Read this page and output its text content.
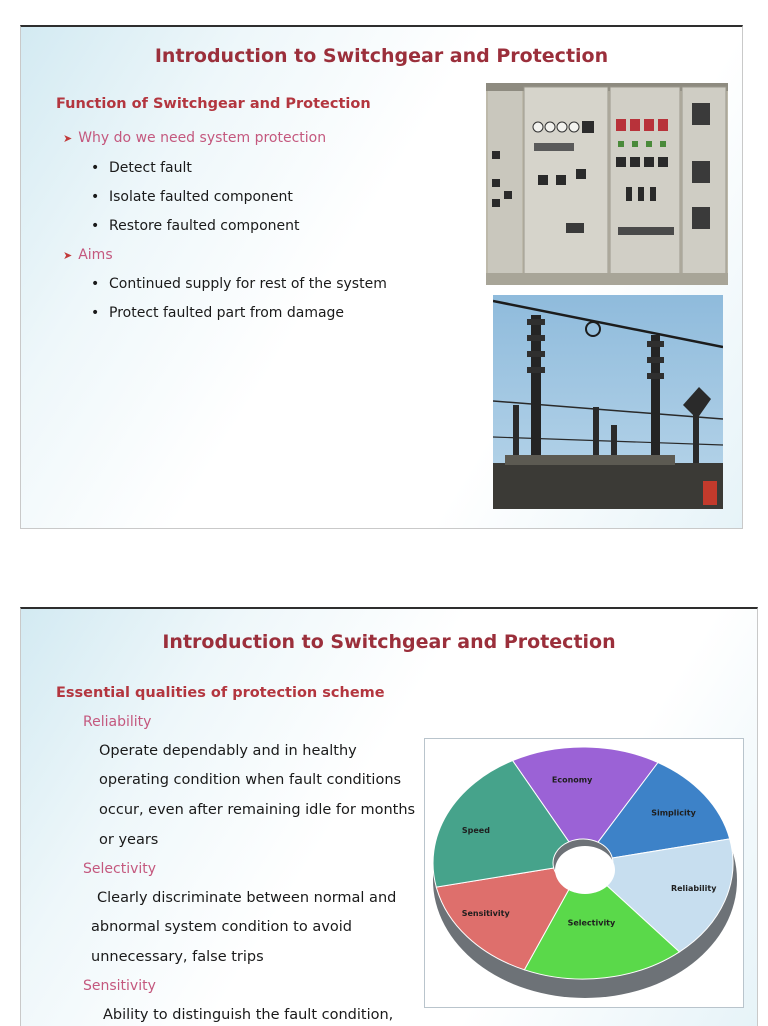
Introduction to Switchgear and Protection
Function of Switchgear and Protection
➤ Why do we need system protection
• Detect fault
• Isolate faulted component
• Restore faulted component
➤ Aims
• Continued supply for rest of the system
• Protect faulted part from damage
Introduction to Switchgear and Protection
Essential qualities of protection scheme
Reliability
Operate dependably and in healthy
operating condition when fault conditions
occur, even after remaining idle for months
or years
Selectivity
Clearly discriminate between normal and
abnormal system condition to avoid
unnecessary, false trips
Sensitivity
Ability to distinguish the fault condition,
Economy
Simplicity
Reliability
Selectivity
Sensitivity
Speed
